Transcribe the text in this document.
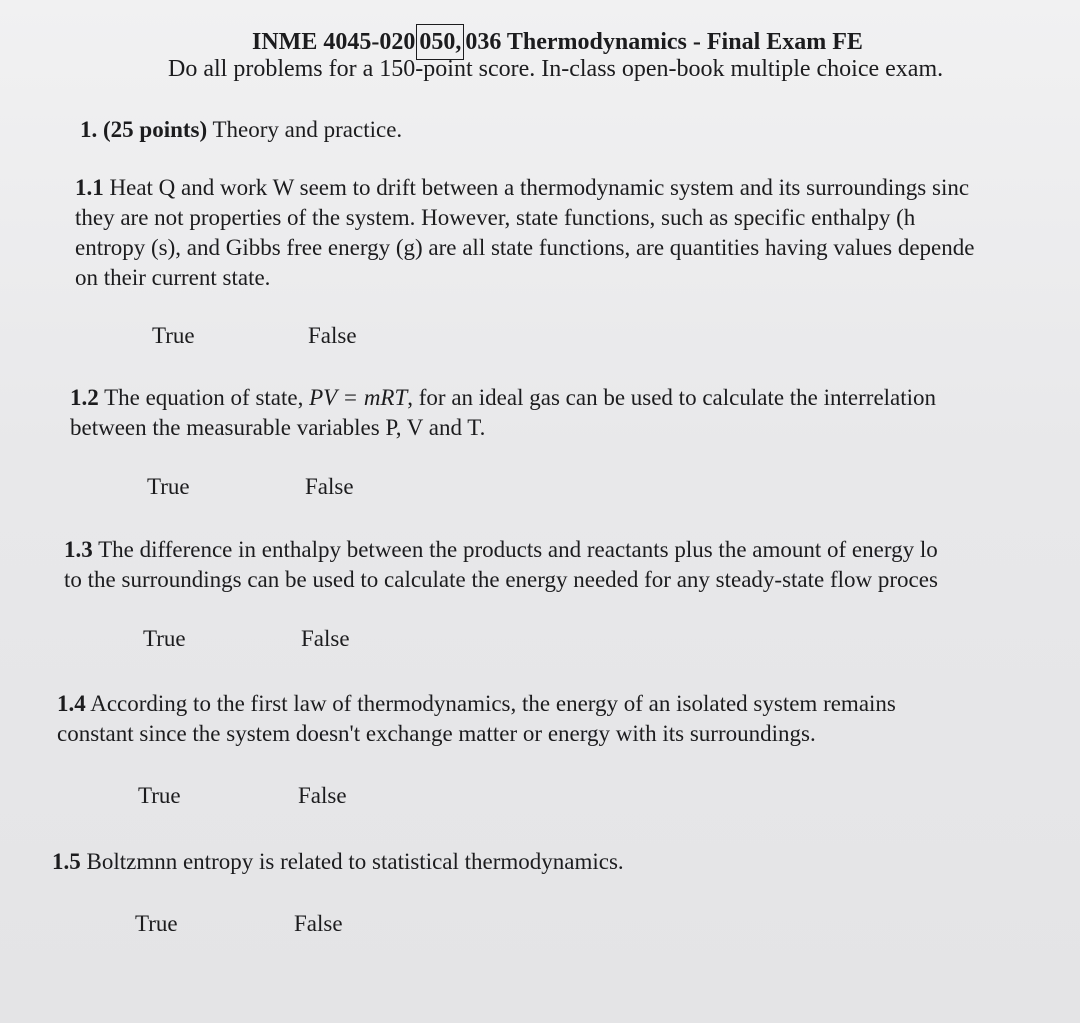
INME 4045-020 050, 036 Thermodynamics - Final Exam FE
Do all problems for a 150-point score. In-class open-book multiple choice exam.
1. (25 points) Theory and practice.
1.1 Heat Q and work W seem to drift between a thermodynamic system and its surroundings sinc
they are not properties of the system. However, state functions, such as specific enthalpy (h
entropy (s), and Gibbs free energy (g) are all state functions, are quantities having values depende
on their current state.
True	False
1.2 The equation of state, PV = mRT, for an ideal gas can be used to calculate the interrelation
between the measurable variables P, V and T.
True	False
1.3 The difference in enthalpy between the products and reactants plus the amount of energy lo
to the surroundings can be used to calculate the energy needed for any steady-state flow proces
True	False
1.4 According to the first law of thermodynamics, the energy of an isolated system remains
constant since the system doesn't exchange matter or energy with its surroundings.
True	False
1.5 Boltzmnn entropy is related to statistical thermodynamics.
True	False
